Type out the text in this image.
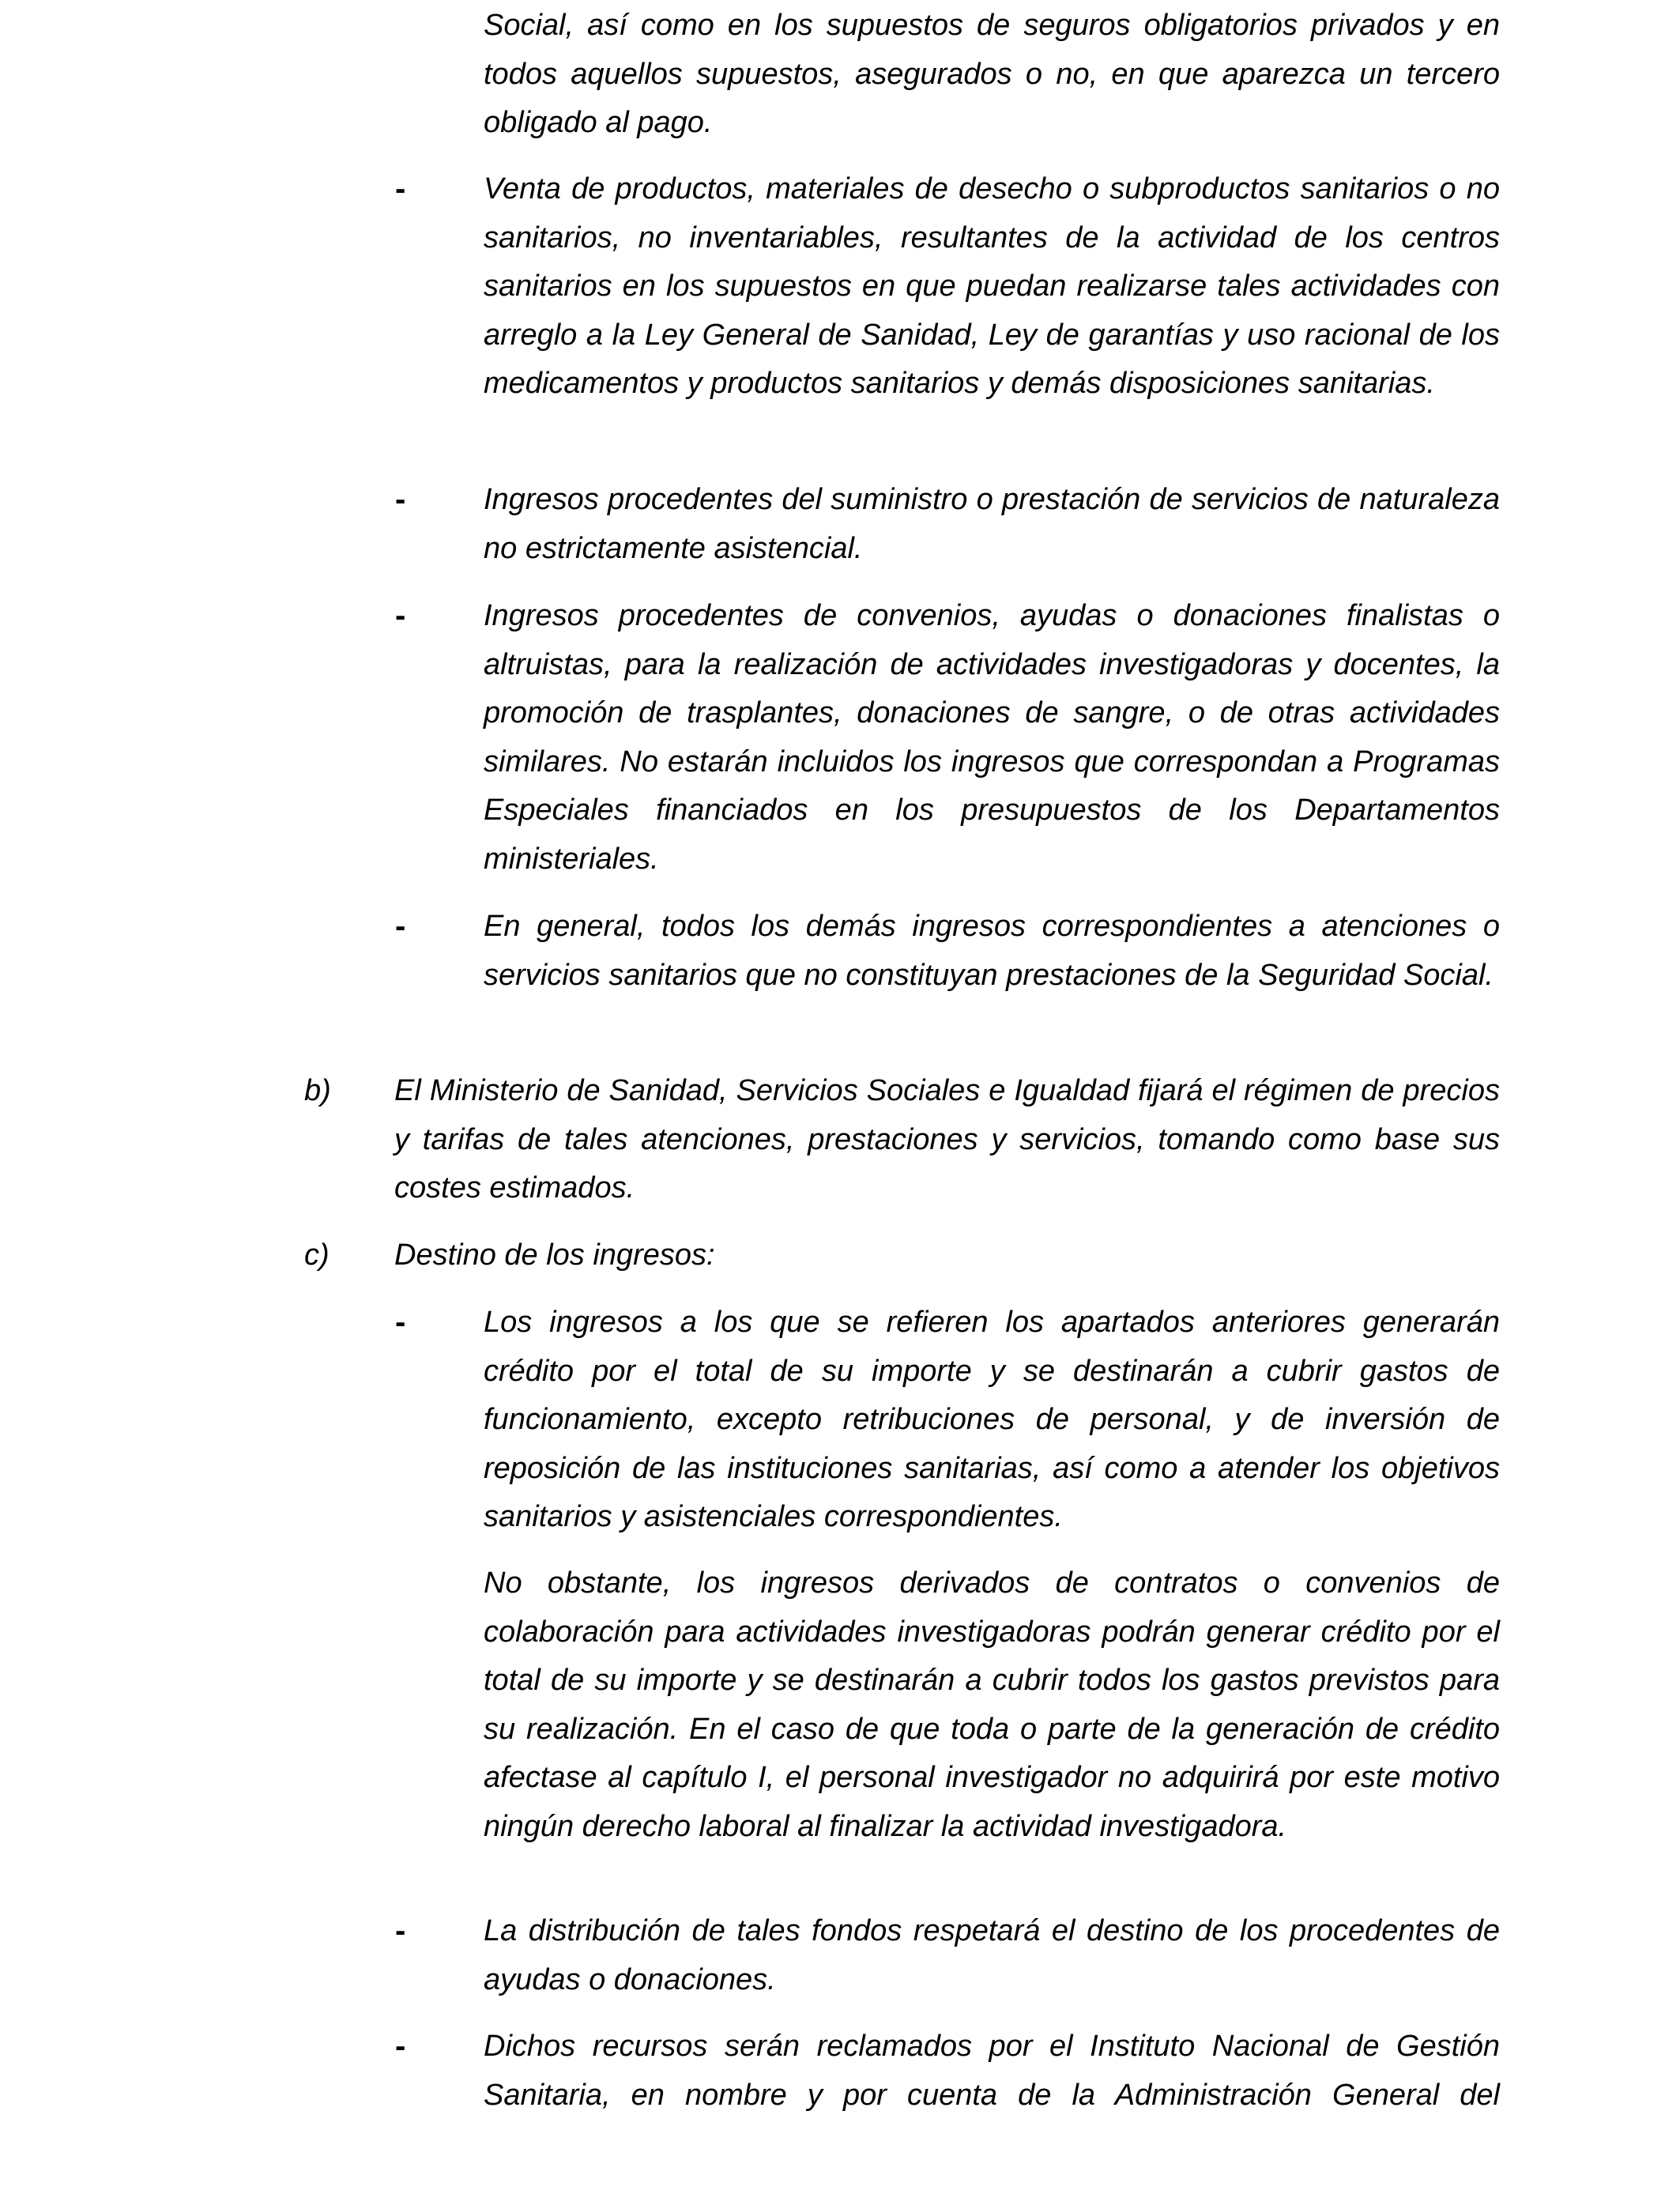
Social, así como en los supuestos de seguros obligatorios privados y en todos aquellos supuestos, asegurados o no, en que aparezca un tercero obligado al pago.
-	Venta de productos, materiales de desecho o subproductos sanitarios o no sanitarios, no inventariables, resultantes de la actividad de los centros sanitarios en los supuestos en que puedan realizarse tales actividades con arreglo a la Ley General de Sanidad, Ley de garantías y uso racional de los medicamentos y productos sanitarios y demás disposiciones sanitarias.
-	Ingresos procedentes del suministro o prestación de servicios de naturaleza no estrictamente asistencial.
-	Ingresos procedentes de convenios, ayudas o donaciones finalistas o altruistas, para la realización de actividades investigadoras y docentes, la promoción de trasplantes, donaciones de sangre, o de otras actividades similares. No estarán incluidos los ingresos que correspondan a Programas Especiales financiados en los presupuestos de los Departamentos ministeriales.
-	En general, todos los demás ingresos correspondientes a atenciones o servicios sanitarios que no constituyan prestaciones de la Seguridad Social.
b) El Ministerio de Sanidad, Servicios Sociales e Igualdad fijará el régimen de precios y tarifas de tales atenciones, prestaciones y servicios, tomando como base sus costes estimados.
c) Destino de los ingresos:
-	Los ingresos a los que se refieren los apartados anteriores generarán crédito por el total de su importe y se destinarán a cubrir gastos de funcionamiento, excepto retribuciones de personal, y de inversión de reposición de las instituciones sanitarias, así como a atender los objetivos sanitarios y asistenciales correspondientes.
No obstante, los ingresos derivados de contratos o convenios de colaboración para actividades investigadoras podrán generar crédito por el total de su importe y se destinarán a cubrir todos los gastos previstos para su realización. En el caso de que toda o parte de la generación de crédito afectase al capítulo I, el personal investigador no adquirirá por este motivo ningún derecho laboral al finalizar la actividad investigadora.
-	La distribución de tales fondos respetará el destino de los procedentes de ayudas o donaciones.
-	Dichos recursos serán reclamados por el Instituto Nacional de Gestión Sanitaria, en nombre y por cuenta de la Administración General del
